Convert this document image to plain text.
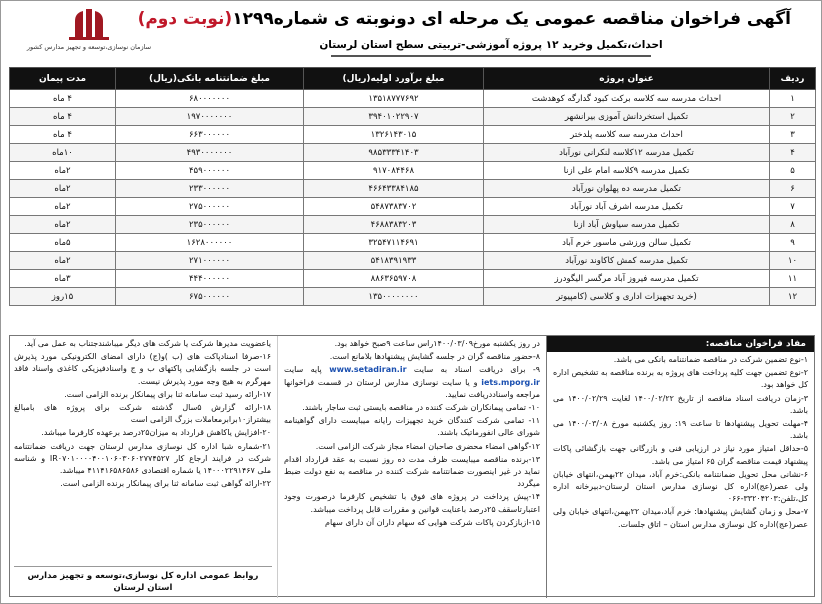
آگهی فراخوان مناقصه عمومی یک مرحله ای دونوبته ی شماره۱۲۹۹(نوبت دوم)
احداث،تکمیل وخرید ۱۲ پروژه آموزشی-تربیتی سطح استان لرستان
سازمان نوسازی،توسعه و تجهیز مدارس کشور
ردیف	عنوان پروژه	مبلغ برآورد اولیه(ریال)	مبلغ ضمانتنامه بانکی(ریال)	مدت پیمان
۱	احداث مدرسه سه کلاسه برکت کبود گدارگه کوهدشت	۱۳۵۱۸۷۷۷۶۹۲	۶۸۰۰۰۰۰۰۰	۴ ماه
۲	تکمیل استخردانش آموزی بیرانشهر	۳۹۴۰۱۰۲۲۹۰۷	۱۹۷۰۰۰۰۰۰۰	۴ ماه
۳	احداث مدرسه سه کلاسه پلدختر	۱۳۲۶۱۴۳۰۱۵	۶۶۳۰۰۰۰۰۰	۴ ماه
۴	تکمیل مدرسه ۱۲کلاسه لنکرانی نورآباد	۹۸۵۳۳۳۴۱۴۰۳	۴۹۳۰۰۰۰۰۰۰	۱۰ماه
۵	تکمیل مدرسه ۹کلاسه امام علی ازنا	۹۱۷۰۸۴۴۶۸	۴۵۹۰۰۰۰۰۰	۲ماه
۶	تکمیل مدرسه ده پهلوان نورآباد	۴۶۶۴۳۳۸۴۱۸۵	۲۳۳۰۰۰۰۰۰	۲ماه
۷	تکمیل مدرسه اشرف آباد نورآباد	۵۴۸۷۳۸۳۷۰۲	۲۷۵۰۰۰۰۰۰	۲ماه
۸	تکمیل مدرسه سیاوش آباد ازنا	۴۶۸۸۳۸۳۲۰۳	۲۳۵۰۰۰۰۰۰	۲ماه
۹	تکمیل سالن ورزشی ماسور خرم آباد	۳۲۵۴۷۱۱۴۶۹۱	۱۶۲۸۰۰۰۰۰۰	۵ماه
۱۰	تکمیل مدرسه کمش کاکاوند نورآباد	۵۴۱۸۳۹۱۹۳۳	۲۷۱۰۰۰۰۰۰	۲ماه
۱۱	تکمیل مدرسه فیروز آباد مرگسر الیگودرز	۸۸۶۳۶۵۹۷۰۸	۴۴۴۰۰۰۰۰۰	۳ماه
۱۲	(خرید تجهیزات اداری و کلاسی (کامپیوتر	۱۳۵۰۰۰۰۰۰۰۰	۶۷۵۰۰۰۰۰۰	۱۵روز
مفاد فراخوان مناقصه:

۱-نوع تضمین شرکت در مناقصه ضمانتنامه بانکی می باشد.

۲-نوع تضمین جهت کلیه پرداخت های پروژه به برنده مناقصه به تشخیص اداره کل خواهد بود.

۳-زمان دریافت اسناد مناقصه از تاریخ ۱۴۰۰/۰۲/۲۲ لغایت ۱۴۰۰/۰۲/۲۹ می باشد.

۴-مهلت تحویل پیشنهادها تا ساعت ۱۹: روز یکشنبه مورخ ۱۴۰۰/۰۳/۰۸ می باشد.

۵-حداقل امتیاز مورد نیاز در ارزیابی فنی و بازرگانی جهت بازگشائی پاکات پیشنهاد قیمت مناقصه گران ۶۵ امتیاز می باشد.

۶-نشانی محل تحویل ضمانتنامه بانکی:خرم آباد، میدان ۲۲بهمن،انتهای خیابان ولی عصر(عج)اداره کل نوسازی مدارس استان لرستان-دبیرخانه اداره کل،تلفن:۳۳۲۰۴۲۰۳-۰۶۶

۷-محل و زمان گشایش پیشنهادها: خرم آباد،میدان ۲۲بهمن،انتهای خیابان ولی عصر(عج)اداره کل نوسازی مدارس استان – اتاق جلسات.

در روز یکشنبه مورخ۱۴۰۰/۰۳/۰۹راس ساعت ۹صبح خواهد بود.

۸-حضور مناقصه گران در جلسه گشایش پیشنهادها بلامانع است.

۹- برای دریافت اسناد به سایت www.setadiran.ir پایه سایت iets.mporg.ir و یا سایت نوسازی مدارس لرستان در قسمت فراخوانها مراجعه واسناددریافت نمایید.

۱۰- تمامی پیمانکاران شرکت کننده در مناقصه بایستی ثبت ساجار باشند.

۱۱- تمامی شرکت کنندگان خرید تجهیزات رایانه میبایست دارای گواهینامه شورای عالی انفورماتیک باشند.

۱۲-گواهی امضاء محضری صاحبان امضاء مجاز شرکت الزامی است.

۱۳-برنده مناقصه میبایست ظرف مدت ده روز نسبت به عقد قرارداد اقدام نماید در غیر اینصورت ضمانتنامه شرکت کننده در مناقصه به نفع دولت ضبط میگردد

۱۴-پیش پرداخت در پروژه های فوق با تشخیص کارفرما درصورت وجود اعتبارتاسقف ۲۵درصد باعنایت قوانین و مقررات قابل پرداخت میباشد.

۱۵-ازبازکردن پاکات شرکت هوایی که سهام داران آن دارای سهام

یاعضویت مدیرها شرکت یا شرکت های دیگر میباشندجتناب به عمل می آید.

۱۶-صرفا اسنادپاکت های (ب )و(ج) دارای امضای الکترونیکی مورد پذیرش است در جلسه بازگشایی پاکتهای ب و ج واسنادفیزیکی کاغذی واسناد فاقد مهرگرم به هیچ وجه مورد پذیرش نیست.

۱۷-ارائه رسید ثبت سامانه ثنا برای پیمانکار برنده الزامی است.

۱۸-ارائه گزارش ۵سال گذشته شرکت برای پروژه های بامبالغ بیشتراز۱۰برابرمعاملات بزرگ الزامی است

۲۰-افزایش یاکاهش قرارداد به میزان۲۵درصد برعهده کارفرما میباشد.

۲۱-شماره شبا اداره کل نوسازی مدارس لرستان جهت دریافت ضمانتنامه شرکت در فرایند ارجاع کار IR۰۷۰۱۰۰۰۰۴۰۰۱۰۶۰۳۰۶۰۲۷۷۴۵۲۷ و شناسه ملی ۱۴۰۰۰۲۲۹۱۴۶۷ یا شماره اقتصادی ۴۱۱۴۱۶۵۸۶۵۸۶ میباشد.

۲۲-ارائه گواهی ثبت سامانه ثنا برای پیمانکار برنده الزامی است.

روابط عمومی اداره کل نوسازی،توسعه و تجهیز مدارس استان لرستان
